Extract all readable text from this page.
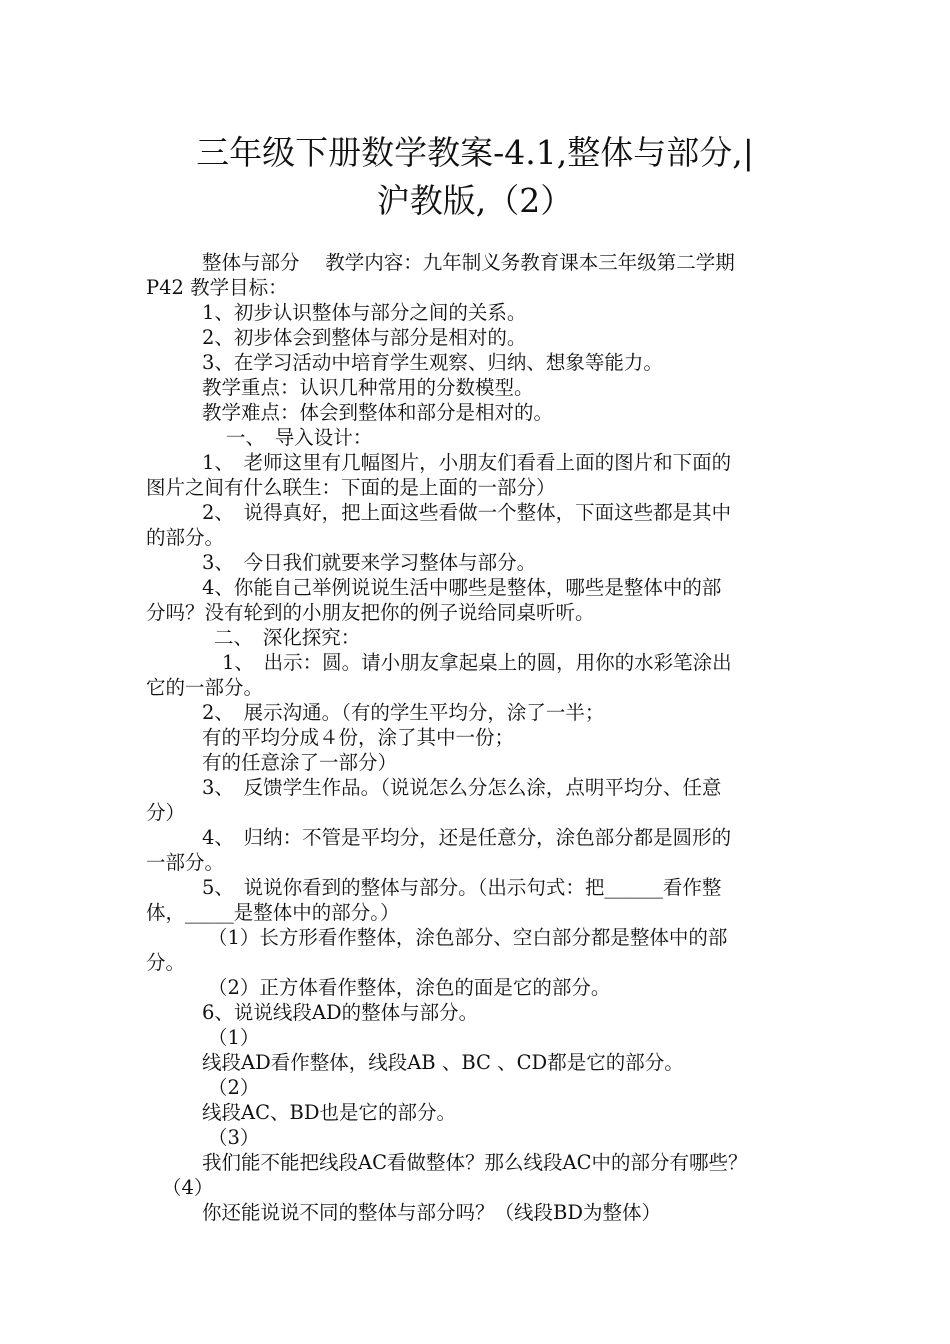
三年级下册数学教案-4.1,整体与部分,|
沪教版,（2）
整体与部分　 教学内容：九年制义务教育课本三年级第二学期
P42 教学目标：
1、初步认识整体与部分之间的关系。
2、初步体会到整体与部分是相对的。
3、在学习活动中培育学生观察、归纳、想象等能力。
教学重点：认识几种常用的分数模型。
教学难点：体会到整体和部分是相对的。
一、　导入设计：
1、　老师这里有几幅图片，小朋友们看看上面的图片和下面的
图片之间有什么联生：下面的是上面的一部分）
2、　说得真好，把上面这些看做一个整体，下面这些都是其中
的部分。
3、　今日我们就要来学习整体与部分。
4、你能自己举例说说生活中哪些是整体，哪些是整体中的部
分吗？没有轮到的小朋友把你的例子说给同桌听听。
二、　深化探究：
1、　出示：圆。请小朋友拿起桌上的圆，用你的水彩笔涂出
它的一部分。
2、　展示沟通。（有的学生平均分，涂了一半；
有的平均分成４份，涂了其中一份；
有的任意涂了一部分）
3、　反馈学生作品。（说说怎么分怎么涂，点明平均分、任意
分）
4、　归纳：不管是平均分，还是任意分，涂色部分都是圆形的
一部分。
5、　说说你看到的整体与部分。（出示句式：把______看作整
体，_____是整体中的部分。）
（1）长方形看作整体，涂色部分、空白部分都是整体中的部
分。
（2）正方体看作整体，涂色的面是它的部分。
6、说说线段AD的整体与部分。
（1）
线段AD看作整体，线段AB 、BC 、CD都是它的部分。
（2）
线段AC、BD也是它的部分。
（3）
我们能不能把线段AC看做整体？那么线段AC中的部分有哪些？
（4）
你还能说说不同的整体与部分吗？（线段BD为整体）
